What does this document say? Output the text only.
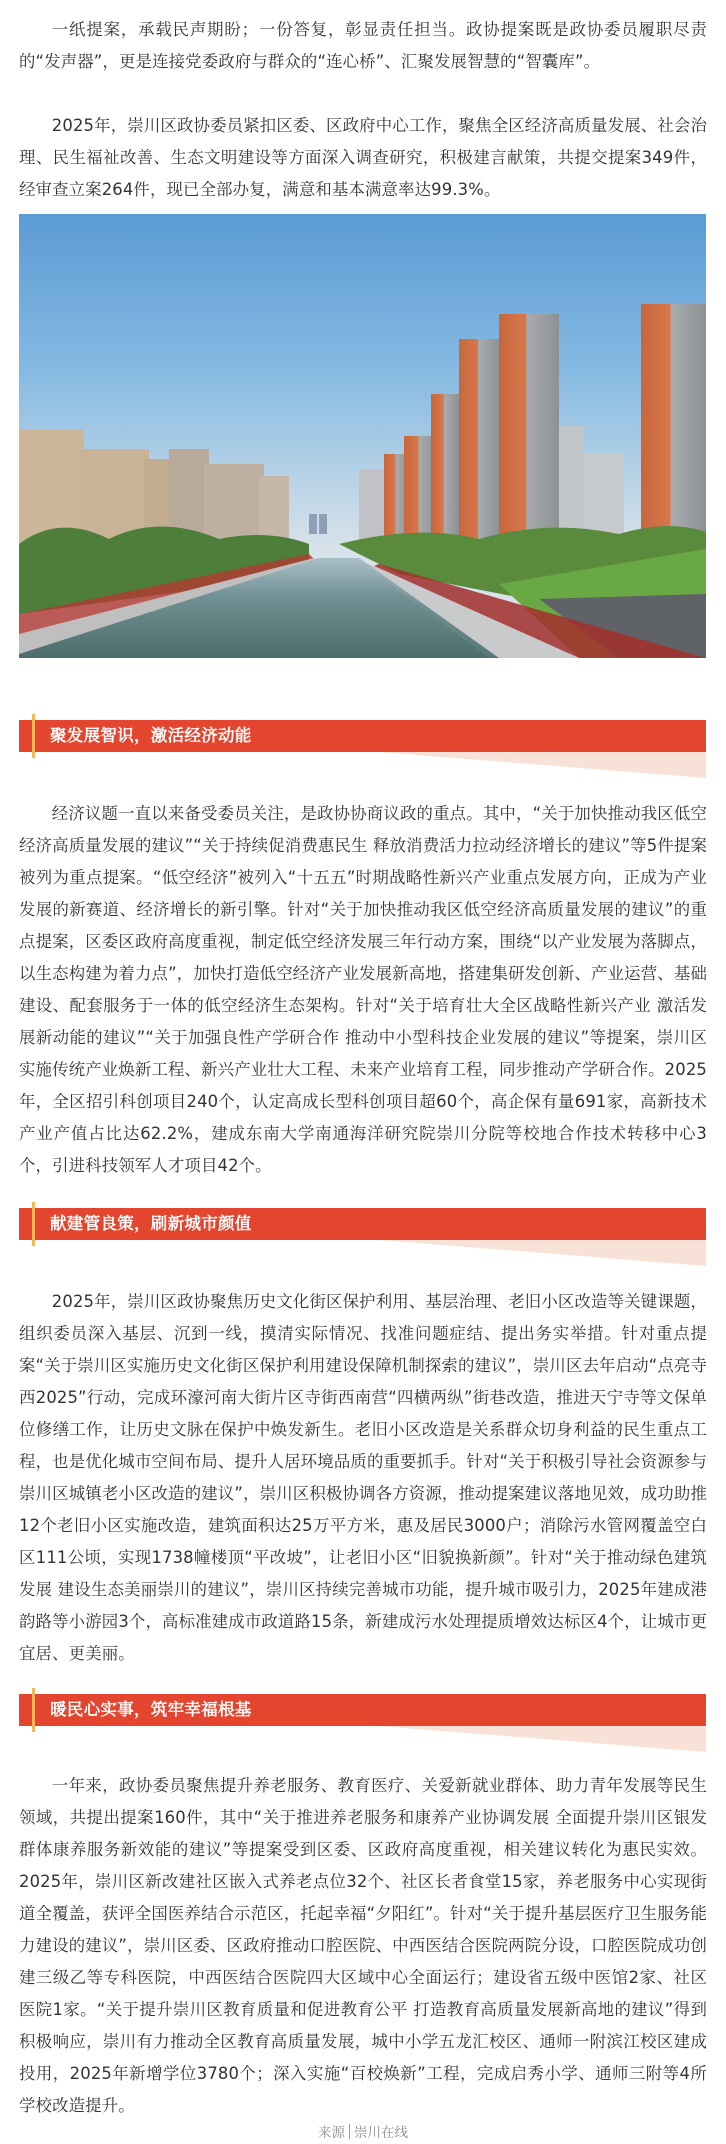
一纸提案，承载民声期盼；一份答复，彰显责任担当。政协提案既是政协委员履职尽责的“发声器”，更是连接党委政府与群众的“连心桥”、汇聚发展智慧的“智囊库”。

2025年，崇川区政协委员紧扣区委、区政府中心工作，聚焦全区经济高质量发展、社会治理、民生福祉改善、生态文明建设等方面深入调查研究，积极建言献策，共提交提案349件，经审查立案264件，现已全部办复，满意和基本满意率达99.3%。

聚发展智识，激活经济动能

经济议题一直以来备受委员关注，是政协协商议政的重点。其中，“关于加快推动我区低空经济高质量发展的建议”“关于持续促消费惠民生 释放消费活力拉动经济增长的建议”等5件提案被列为重点提案。“低空经济”被列入“十五五”时期战略性新兴产业重点发展方向，正成为产业发展的新赛道、经济增长的新引擎。针对“关于加快推动我区低空经济高质量发展的建议”的重点提案，区委区政府高度重视，制定低空经济发展三年行动方案，围绕“以产业发展为落脚点，以生态构建为着力点”，加快打造低空经济产业发展新高地，搭建集研发创新、产业运营、基础建设、配套服务于一体的低空经济生态架构。针对“关于培育壮大全区战略性新兴产业 激活发展新动能的建议”“关于加强良性产学研合作 推动中小型科技企业发展的建议”等提案，崇川区实施传统产业焕新工程、新兴产业壮大工程、未来产业培育工程，同步推动产学研合作。2025年，全区招引科创项目240个，认定高成长型科创项目超60个，高企保有量691家，高新技术产业产值占比达62.2%，建成东南大学南通海洋研究院崇川分院等校地合作技术转移中心3个，引进科技领军人才项目42个。

献建管良策，刷新城市颜值

2025年，崇川区政协聚焦历史文化街区保护利用、基层治理、老旧小区改造等关键课题，组织委员深入基层、沉到一线，摸清实际情况、找准问题症结、提出务实举措。针对重点提案“关于崇川区实施历史文化街区保护利用建设保障机制探索的建议”，崇川区去年启动“点亮寺西2025”行动，完成环濠河南大街片区寺街西南营“四横两纵”街巷改造，推进天宁寺等文保单位修缮工作，让历史文脉在保护中焕发新生。老旧小区改造是关系群众切身利益的民生重点工程，也是优化城市空间布局、提升人居环境品质的重要抓手。针对“关于积极引导社会资源参与崇川区城镇老小区改造的建议”，崇川区积极协调各方资源，推动提案建议落地见效，成功助推12个老旧小区实施改造，建筑面积达25万平方米，惠及居民3000户；消除污水管网覆盖空白区111公顷，实现1738幢楼顶“平改坡”，让老旧小区“旧貌换新颜”。针对“关于推动绿色建筑发展 建设生态美丽崇川的建议”，崇川区持续完善城市功能，提升城市吸引力，2025年建成港韵路等小游园3个，高标准建成市政道路15条，新建成污水处理提质增效达标区4个，让城市更宜居、更美丽。

暖民心实事，筑牢幸福根基

一年来，政协委员聚焦提升养老服务、教育医疗、关爱新就业群体、助力青年发展等民生领域，共提出提案160件，其中“关于推进养老服务和康养产业协调发展 全面提升崇川区银发群体康养服务新效能的建议”等提案受到区委、区政府高度重视，相关建议转化为惠民实效。2025年，崇川区新改建社区嵌入式养老点位32个、社区长者食堂15家，养老服务中心实现街道全覆盖，获评全国医养结合示范区，托起幸福“夕阳红”。针对“关于提升基层医疗卫生服务能力建设的建议”，崇川区委、区政府推动口腔医院、中西医结合医院两院分设，口腔医院成功创建三级乙等专科医院，中西医结合医院四大区域中心全面运行；建设省五级中医馆2家、社区医院1家。“关于提升崇川区教育质量和促进教育公平 打造教育高质量发展新高地的建议”得到积极响应，崇川有力推动全区教育高质量发展，城中小学五龙汇校区、通师一附滨江校区建成投用，2025年新增学位3780个；深入实施“百校焕新”工程，完成启秀小学、通师三附等4所学校改造提升。

来源 崇川在线
